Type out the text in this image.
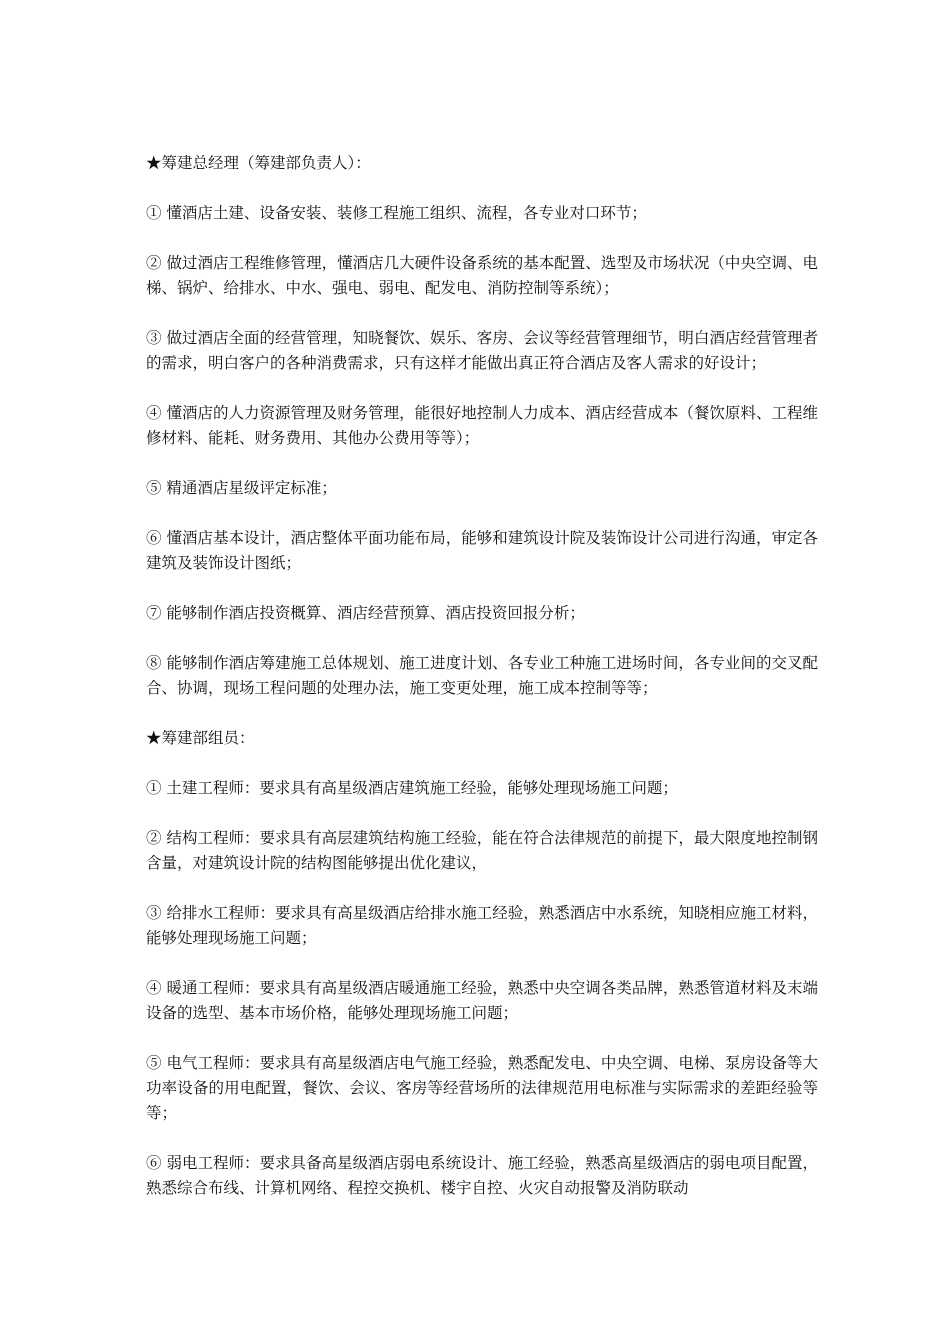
★筹建总经理（筹建部负责人）：

① 懂酒店土建、设备安装、装修工程施工组织、流程，各专业对口环节；

② 做过酒店工程维修管理，懂酒店几大硬件设备系统的基本配置、选型及市场状况（中央空调、电梯、锅炉、给排水、中水、强电、弱电、配发电、消防控制等系统）；

③ 做过酒店全面的经营管理，知晓餐饮、娱乐、客房、会议等经营管理细节，明白酒店经营管理者的需求，明白客户的各种消费需求，只有这样才能做出真正符合酒店及客人需求的好设计；

④ 懂酒店的人力资源管理及财务管理，能很好地控制人力成本、酒店经营成本（餐饮原料、工程维修材料、能耗、财务费用、其他办公费用等等）；

⑤ 精通酒店星级评定标准；

⑥ 懂酒店基本设计，酒店整体平面功能布局，能够和建筑设计院及装饰设计公司进行沟通，审定各建筑及装饰设计图纸；

⑦ 能够制作酒店投资概算、酒店经营预算、酒店投资回报分析；

⑧ 能够制作酒店筹建施工总体规划、施工进度计划、各专业工种施工进场时间，各专业间的交叉配合、协调，现场工程问题的处理办法，施工变更处理，施工成本控制等等；

★筹建部组员：

① 土建工程师：要求具有高星级酒店建筑施工经验，能够处理现场施工问题；

② 结构工程师：要求具有高层建筑结构施工经验，能在符合法律规范的前提下，最大限度地控制钢含量，对建筑设计院的结构图能够提出优化建议，

③ 给排水工程师：要求具有高星级酒店给排水施工经验，熟悉酒店中水系统，知晓相应施工材料，能够处理现场施工问题；

④ 暖通工程师：要求具有高星级酒店暖通施工经验，熟悉中央空调各类品牌，熟悉管道材料及末端设备的选型、基本市场价格，能够处理现场施工问题；

⑤ 电气工程师：要求具有高星级酒店电气施工经验，熟悉配发电、中央空调、电梯、泵房设备等大功率设备的用电配置，餐饮、会议、客房等经营场所的法律规范用电标准与实际需求的差距经验等等；

⑥ 弱电工程师：要求具备高星级酒店弱电系统设计、施工经验，熟悉高星级酒店的弱电项目配置，熟悉综合布线、计算机网络、程控交换机、楼宇自控、火灾自动报警及消防联动
